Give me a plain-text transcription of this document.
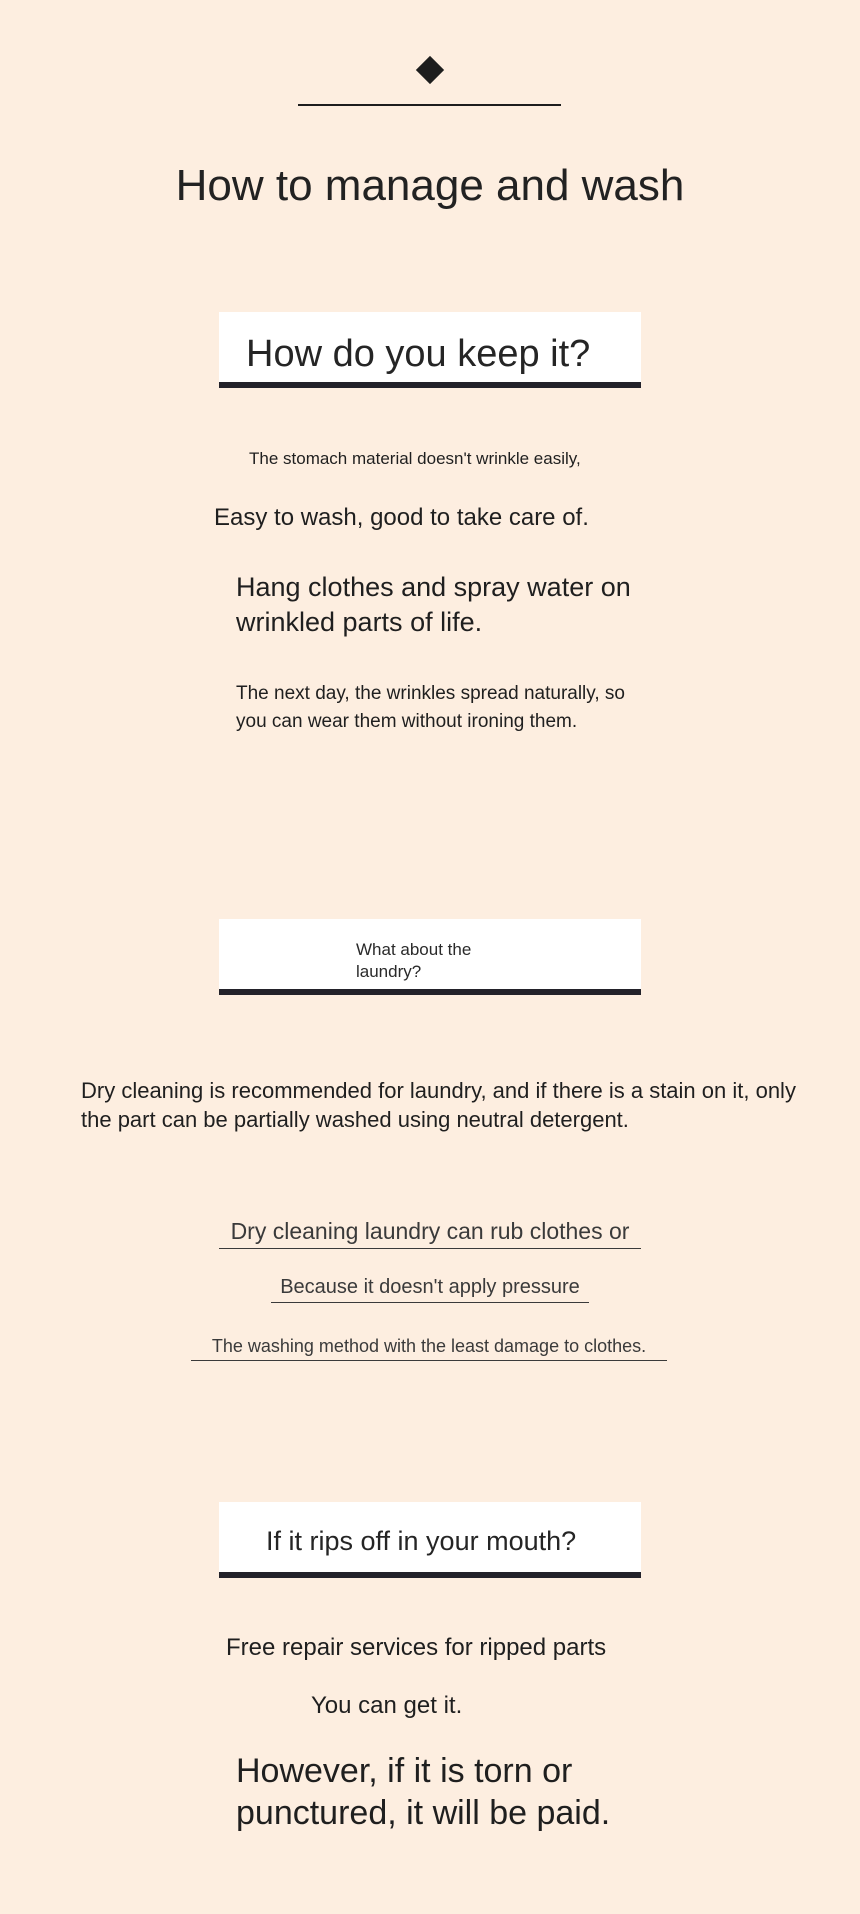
How to manage and wash
How do you keep it?
The stomach material doesn't wrinkle easily,
Easy to wash, good to take care of.
Hang clothes and spray water on wrinkled parts of life.
The next day, the wrinkles spread naturally, so you can wear them without ironing them.
What about the laundry?
Dry cleaning is recommended for laundry, and if there is a stain on it, only the part can be partially washed using neutral detergent.
Dry cleaning laundry can rub clothes or
Because it doesn't apply pressure
The washing method with the least damage to clothes.
If it rips off in your mouth?
Free repair services for ripped parts
You can get it.
However, if it is torn or punctured, it will be paid.
